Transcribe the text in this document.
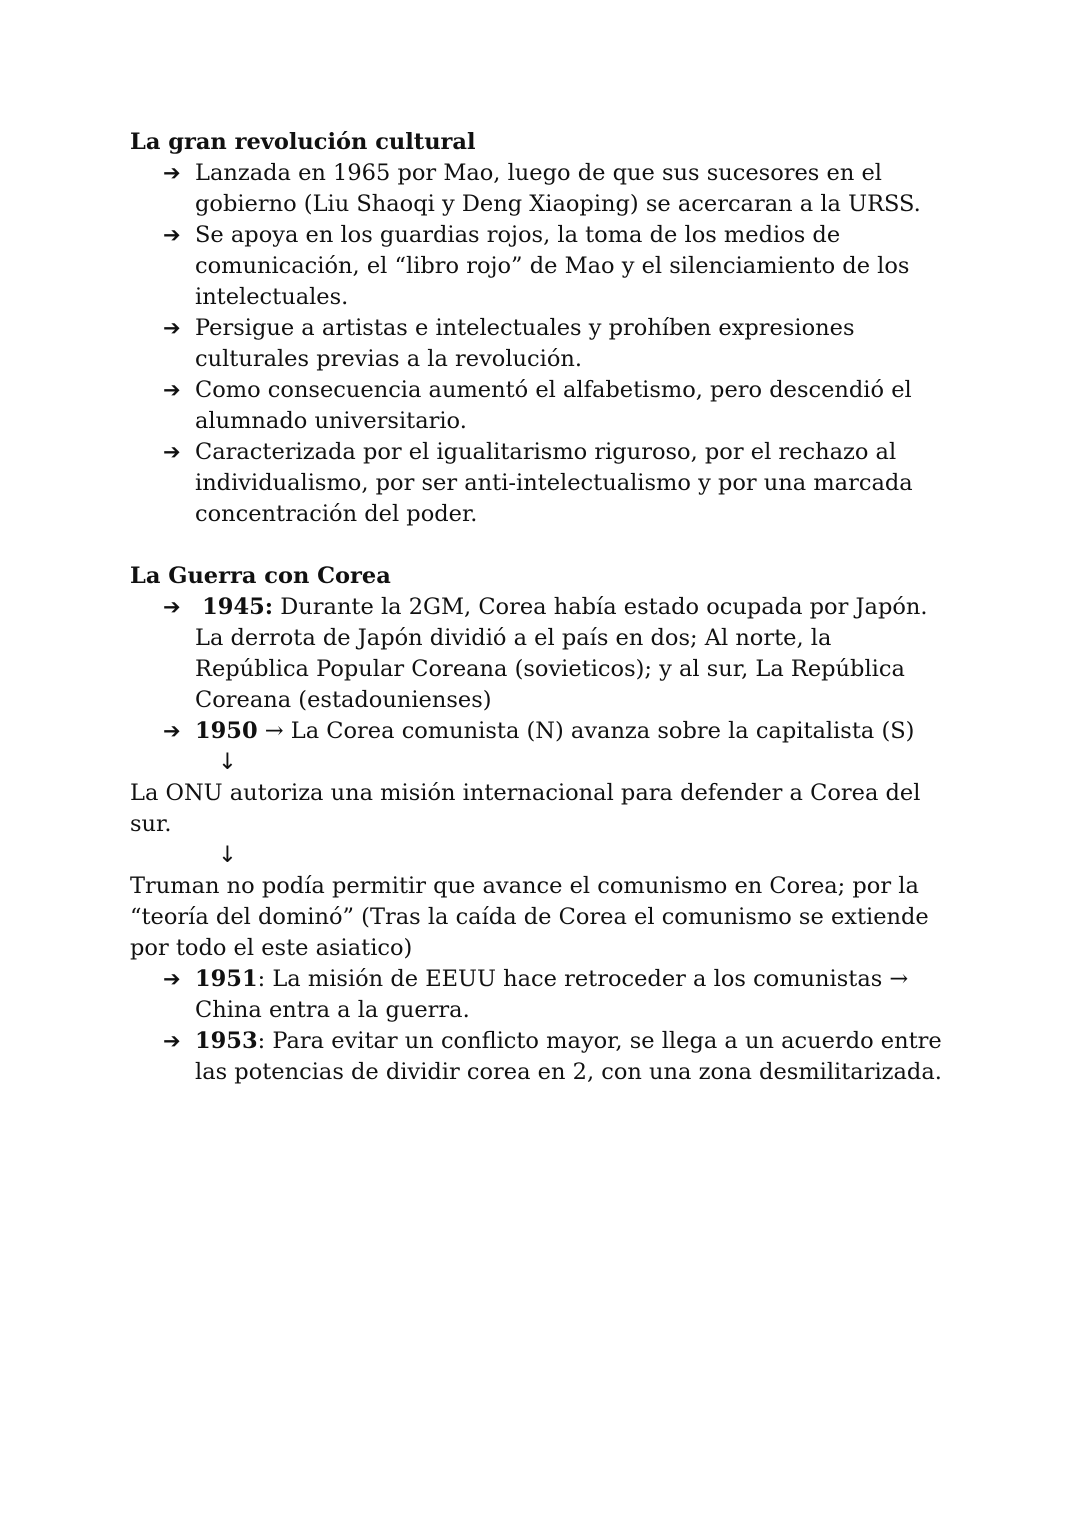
La gran revolución cultural

➔ Lanzada en 1965 por Mao, luego de que sus sucesores en el gobierno (Liu Shaoqi y Deng Xiaoping) se acercaran a la URSS.
➔ Se apoya en los guardias rojos, la toma de los medios de comunicación, el “libro rojo” de Mao y el silenciamiento de los intelectuales.
➔ Persigue a artistas e intelectuales y prohíben expresiones culturales previas a la revolución.
➔ Como consecuencia aumentó el alfabetismo, pero descendió el alumnado universitario.
➔ Caracterizada por el igualitarismo riguroso, por el rechazo al individualismo, por ser anti-intelectualismo y por una marcada concentración del poder.

La Guerra con Corea

➔ 1945: Durante la 2GM, Corea había estado ocupada por Japón. La derrota de Japón dividió a el país en dos; Al norte, la República Popular Coreana (sovieticos); y al sur, La República Coreana (estadounienses)
➔ 1950 → La Corea comunista (N) avanza sobre la capitalista (S)
↓

La ONU autoriza una misión internacional para defender a Corea del sur.

↓

Truman no podía permitir que avance el comunismo en Corea; por la “teoría del dominó” (Tras la caída de Corea el comunismo se extiende por todo el este asiatico)

➔ 1951: La misión de EEUU hace retroceder a los comunistas → China entra a la guerra.
➔ 1953: Para evitar un conflicto mayor, se llega a un acuerdo entre las potencias de dividir corea en 2, con una zona desmilitarizada.
